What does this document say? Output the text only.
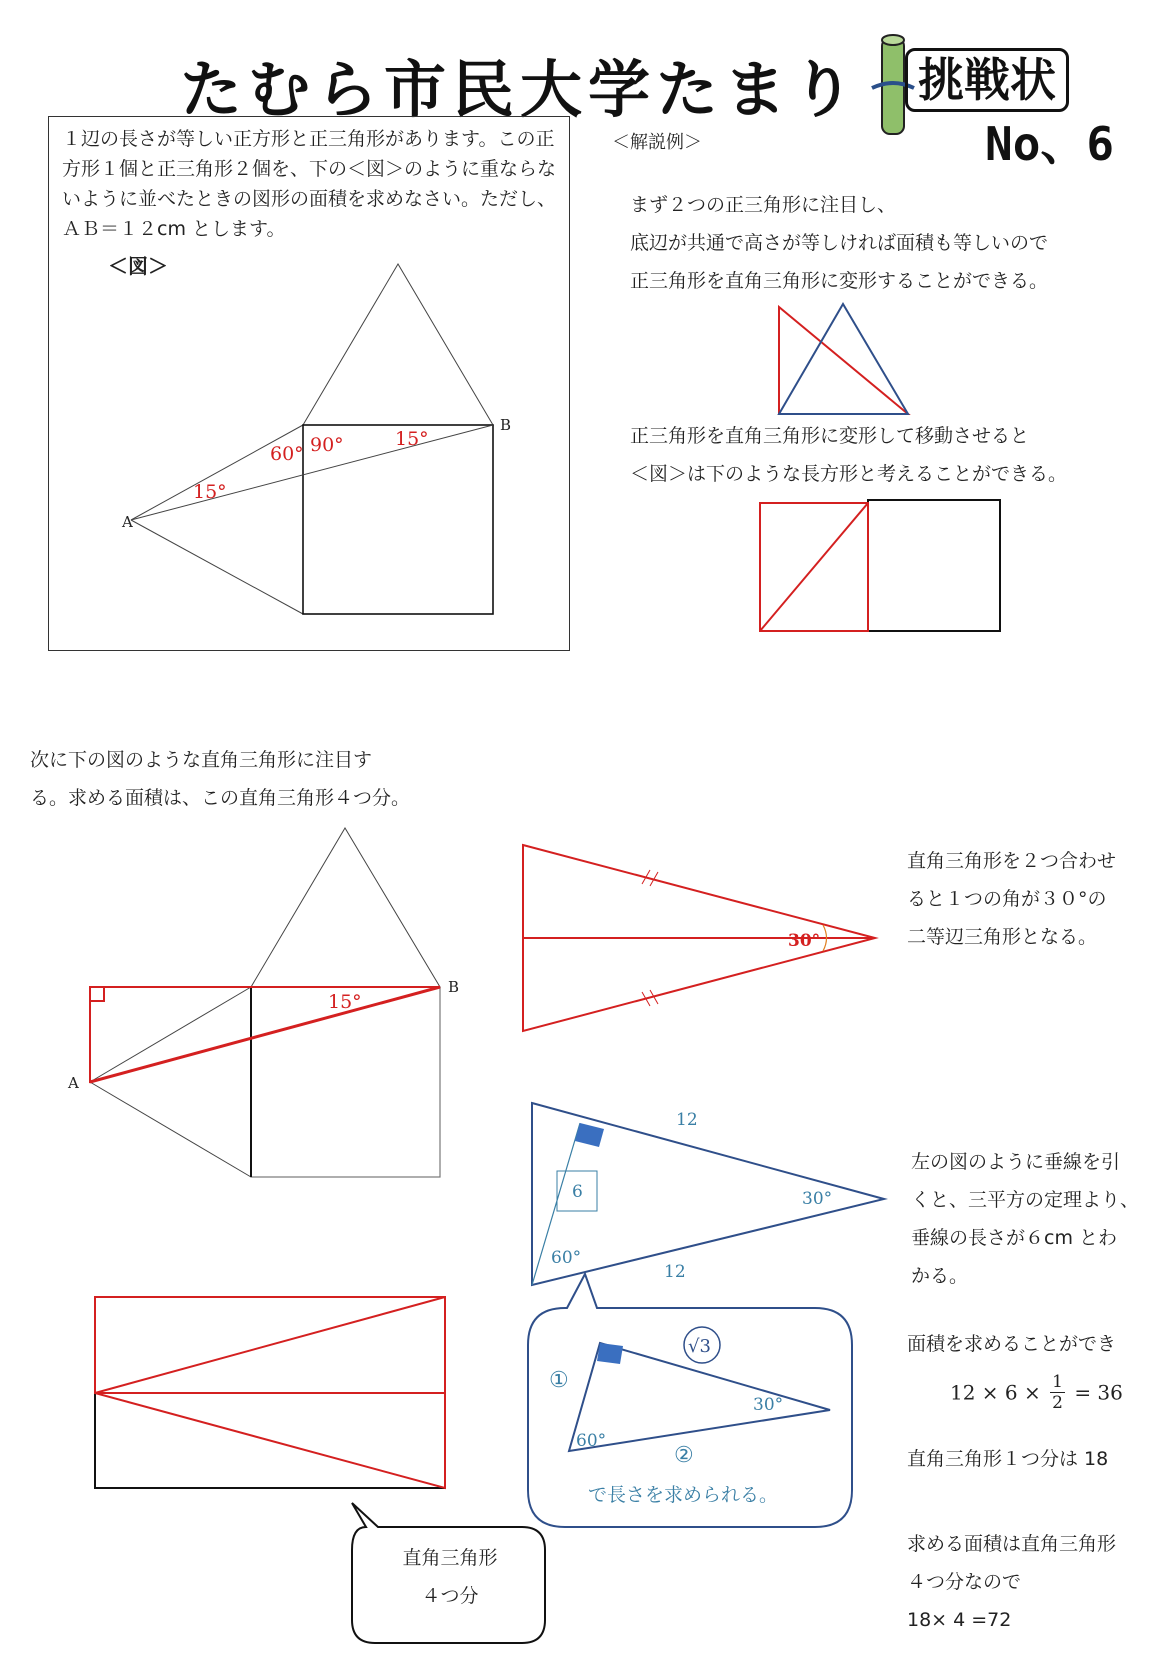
たむら市民大学たまり 挑戦状
No、6
１辺の長さが等しい正方形と正三角形があります。この正方形１個と正三角形２個を、下の＜図＞のように重ならないように並べたときの図形の面積を求めなさい。ただし、ＡＢ＝１２cm とします。
＜図＞
A
B
60° 90°	15°
15°
A
B
15°
30°
12
6	30°
60°
12
√3
①
②
30°
60°
＜解説例＞
まず２つの正三角形に注目し、
底辺が共通で高さが等しければ面積も等しいので
正三角形を直角三角形に変形することができる。
正三角形を直角三角形に変形して移動させると
＜図＞は下のような長方形と考えることができる。
次に下の図のような直角三角形に注目す
る。求める面積は、この直角三角形４つ分。
直角三角形を２つ合わせ
ると１つの角が３０°の
二等辺三角形となる。
左の図のように垂線を引
くと、三平方の定理より、
垂線の長さが６cm とわ
かる。
面積を求めることができ
$12 \times 6 \times \frac{1}{2} = 36$
直角三角形１つ分は 18
求める面積は直角三角形
４つ分なので
18× 4 =72
で長さを求められる。
直角三角形
４つ分
